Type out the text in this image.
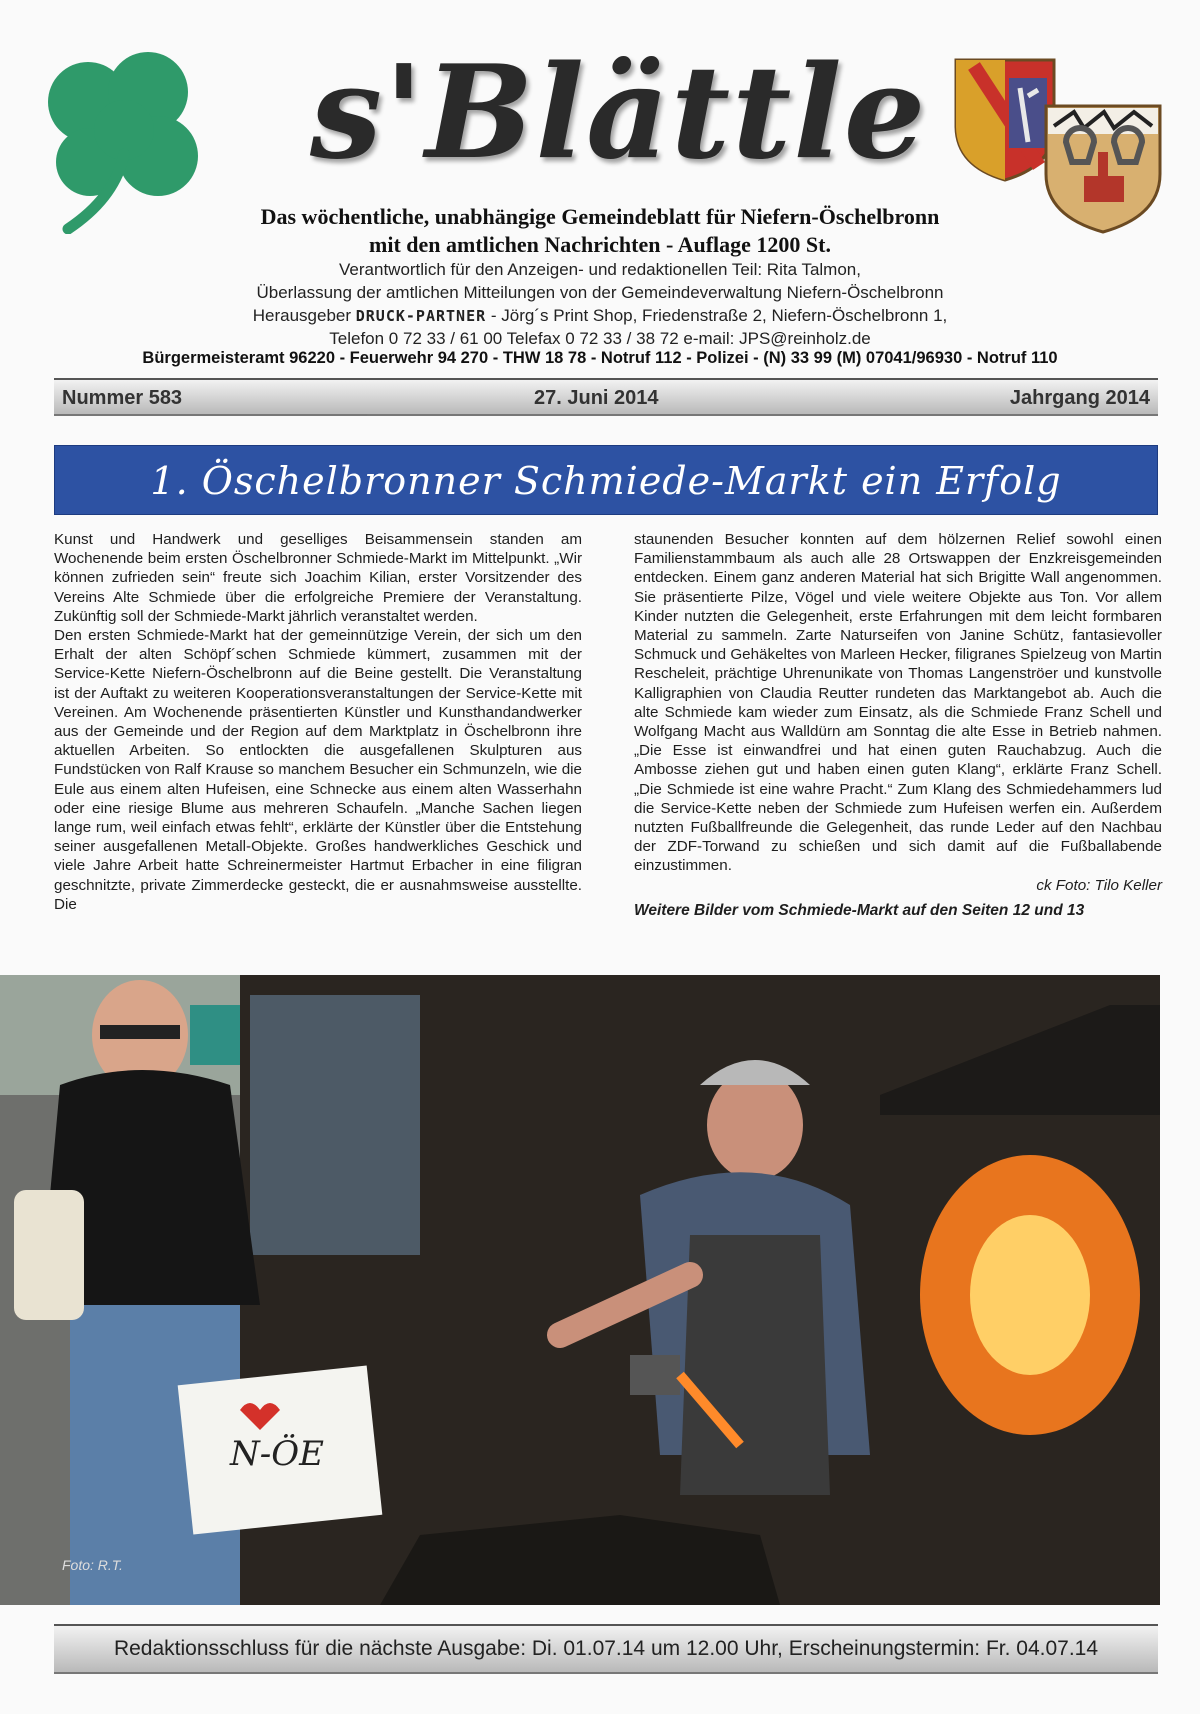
s'Blättle
Das wöchentliche, unabhängige Gemeindeblatt für Niefern-Öschelbronn
mit den amtlichen Nachrichten - Auflage 1200 St.
Verantwortlich für den Anzeigen- und redaktionellen Teil: Rita Talmon,
Überlassung der amtlichen Mitteilungen von der Gemeindeverwaltung Niefern-Öschelbronn
Herausgeber DRUCK-PARTNER - Jörg´s Print Shop, Friedenstraße 2, Niefern-Öschelbronn 1,
Telefon 0 72 33 / 61 00 Telefax 0 72 33 / 38 72 e-mail: JPS@reinholz.de
Bürgermeisteramt 96220 - Feuerwehr 94 270 - THW 18 78 - Notruf 112 - Polizei - (N) 33 99 (M) 07041/96930 - Notruf 110
Nummer 583	27. Juni 2014	Jahrgang 2014
1. Öschelbronner Schmiede-Markt ein Erfolg

Kunst und Handwerk und geselliges Beisammensein standen am Wochenende beim ersten Öschelbronner Schmiede-Markt im Mittelpunkt. „Wir können zufrieden sein“ freute sich Joachim Kilian, erster Vorsitzender des Vereins Alte Schmiede über die erfolgreiche Premiere der Veranstaltung. Zukünftig soll der Schmiede-Markt jährlich veranstaltet werden.

Den ersten Schmiede-Markt hat der gemeinnützige Verein, der sich um den Erhalt der alten Schöpf´schen Schmiede kümmert, zusammen mit der Service-Kette Niefern-Öschelbronn auf die Beine gestellt. Die Veranstaltung ist der Auftakt zu weiteren Kooperationsveranstaltungen der Service-Kette mit Vereinen. Am Wochenende präsentierten Künstler und Kunsthandandwerker aus der Gemeinde und der Region auf dem Marktplatz in Öschelbronn ihre aktuellen Arbeiten. So entlockten die ausgefallenen Skulpturen aus Fundstücken von Ralf Krause so manchem Besucher ein Schmunzeln, wie die Eule aus einem alten Hufeisen, eine Schnecke aus einem alten Wasserhahn oder eine riesige Blume aus mehreren Schaufeln. „Manche Sachen liegen lange rum, weil einfach etwas fehlt“, erklärte der Künstler über die Entstehung seiner ausgefallenen Metall-Objekte. Großes handwerkliches Geschick und viele Jahre Arbeit hatte Schreinermeister Hartmut Erbacher in eine filigran geschnitzte, private Zimmerdecke gesteckt, die er ausnahmsweise ausstellte. Die

staunenden Besucher konnten auf dem hölzernen Relief sowohl einen Familienstammbaum als auch alle 28 Ortswappen der Enzkreisgemeinden entdecken. Einem ganz anderen Material hat sich Brigitte Wall angenommen. Sie präsentierte Pilze, Vögel und viele weitere Objekte aus Ton. Vor allem Kinder nutzten die Gelegenheit, erste Erfahrungen mit dem leicht formbaren Material zu sammeln. Zarte Naturseifen von Janine Schütz, fantasievoller Schmuck und Gehäkeltes von Marleen Hecker, filigranes Spielzeug von Martin Rescheleit, prächtige Uhrenunikate von Thomas Langenströer und kunstvolle Kalligraphien von Claudia Reutter rundeten das Marktangebot ab. Auch die alte Schmiede kam wieder zum Einsatz, als die Schmiede Franz Schell und Wolfgang Macht aus Walldürn am Sonntag die alte Esse in Betrieb nahmen. „Die Esse ist einwandfrei und hat einen guten Rauchabzug. Auch die Ambosse ziehen gut und haben einen guten Klang“, erklärte Franz Schell. „Die Schmiede ist eine wahre Pracht.“ Zum Klang des Schmiedehammers lud die Service-Kette neben der Schmiede zum Hufeisen werfen ein. Außerdem nutzten Fußballfreunde die Gelegenheit, das runde Leder auf den Nachbau der ZDF-Torwand zu schießen und sich damit auf die Fußballabende einzustimmen.

ck Foto: Tilo Keller

Weitere Bilder vom Schmiede-Markt auf den Seiten 12 und 13

N-ÖE
Foto: R.T.
Redaktionsschluss für die nächste Ausgabe: Di. 01.07.14 um 12.00 Uhr, Erscheinungstermin: Fr. 04.07.14
